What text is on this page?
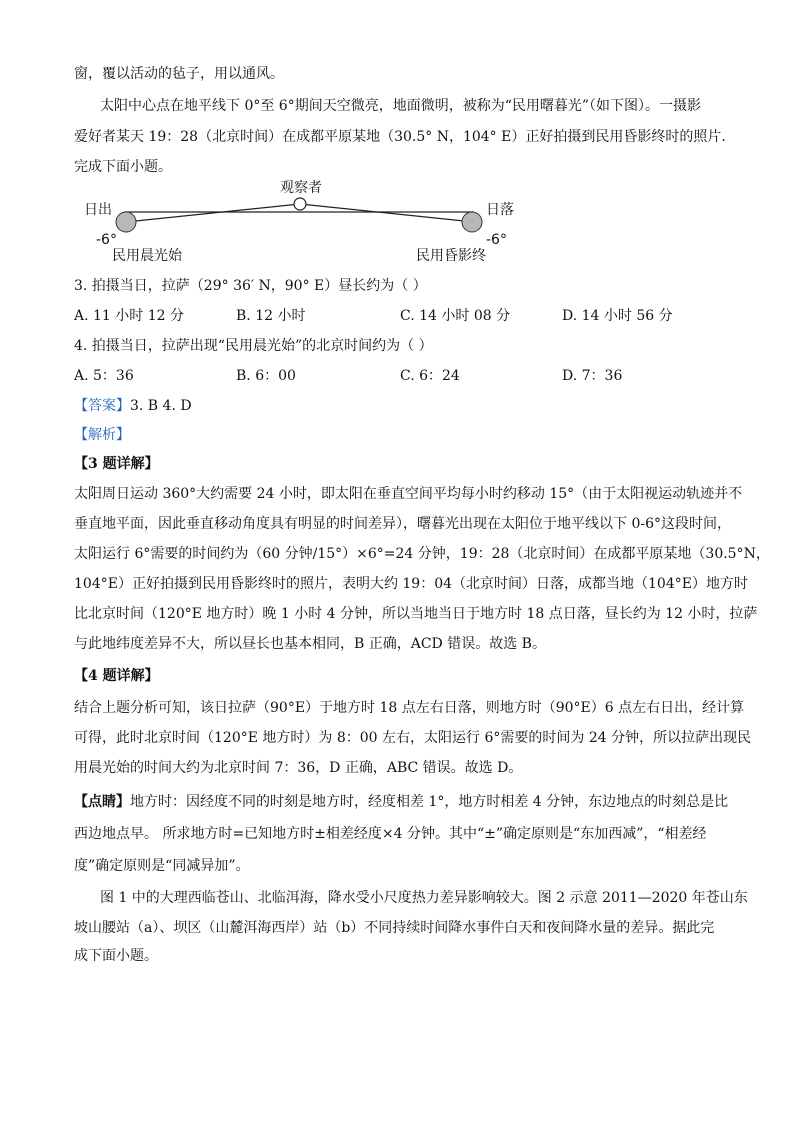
窗，覆以活动的毡子，用以通风。
太阳中心点在地平线下 0°至 6°期间天空微亮，地面微明，被称为“民用曙暮光”（如下图）。一摄影
爱好者某天 19：28（北京时间）在成都平原某地（30.5° N，104° E）正好拍摄到民用昏影终时的照片.
完成下面小题。
观察者
日出	日落
-6°	-6°
民用晨光始	民用昏影终
3. 拍摄当日，拉萨（29° 36′ N，90° E）昼长约为（ ）
A. 11 小时 12 分	B. 12 小时	C. 14 小时 08 分	D. 14 小时 56 分
4. 拍摄当日，拉萨出现“民用晨光始”的北京时间约为（ ）
A. 5：36	B. 6：00	C. 6：24	D. 7：36
【答案】3. B 4. D
【解析】
【3 题详解】
太阳周日运动 360°大约需要 24 小时，即太阳在垂直空间平均每小时约移动 15°（由于太阳视运动轨迹并不
垂直地平面，因此垂直移动角度具有明显的时间差异），曙暮光出现在太阳位于地平线以下 0-6°这段时间，
太阳运行 6°需要的时间约为（60 分钟/15°）×6°=24 分钟，19：28（北京时间）在成都平原某地（30.5°N，
104°E）正好拍摄到民用昏影终时的照片，表明大约 19：04（北京时间）日落，成都当地（104°E）地方时
比北京时间（120°E 地方时）晚 1 小时 4 分钟，所以当地当日于地方时 18 点日落，昼长约为 12 小时，拉萨
与此地纬度差异不大，所以昼长也基本相同，B 正确，ACD 错误。故选 B。
【4 题详解】
结合上题分析可知，该日拉萨（90°E）于地方时 18 点左右日落，则地方时（90°E）6 点左右日出，经计算
可得，此时北京时间（120°E 地方时）为 8：00 左右，太阳运行 6°需要的时间为 24 分钟，所以拉萨出现民
用晨光始的时间大约为北京时间 7：36，D 正确，ABC 错误。故选 D。
【点睛】地方时：因经度不同的时刻是地方时，经度相差 1°，地方时相差 4 分钟，东边地点的时刻总是比
西边地点早。 所求地方时=已知地方时±相差经度×4 分钟。其中“±”确定原则是“东加西减”，“相差经
度”确定原则是“同减异加”。
图 1 中的大理西临苍山、北临洱海，降水受小尺度热力差异影响较大。图 2 示意 2011—2020 年苍山东
坡山腰站（a）、坝区（山麓洱海西岸）站（b）不同持续时间降水事件白天和夜间降水量的差异。据此完
成下面小题。
